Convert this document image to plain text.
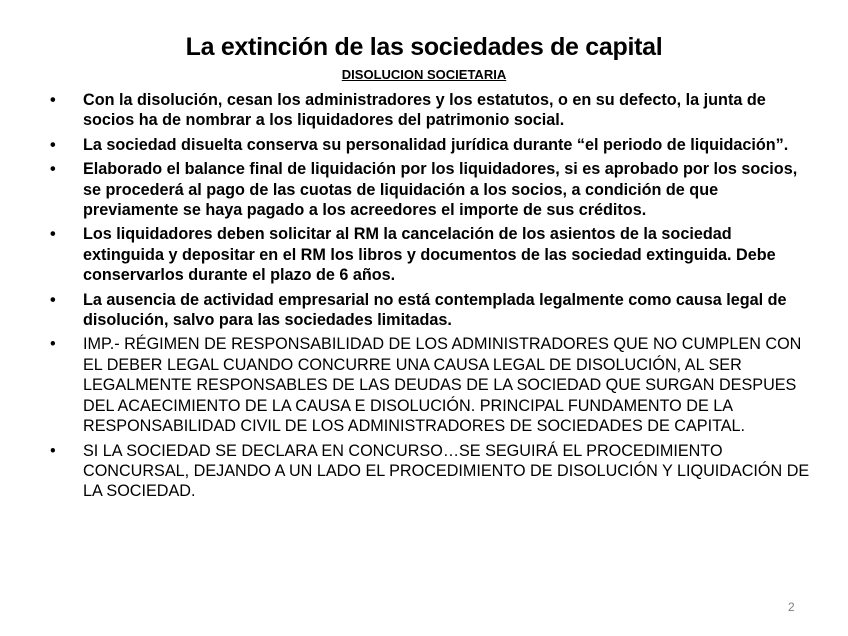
La extinción de las sociedades de capital
DISOLUCION SOCIETARIA
•	Con la disolución, cesan los administradores y los estatutos, o en su defecto, la junta de socios ha de nombrar a los liquidadores del patrimonio social.
•	La sociedad disuelta conserva su personalidad jurídica durante “el periodo de liquidación”.
•	Elaborado el balance final de liquidación por los liquidadores, si es aprobado por los socios, se procederá al pago de las cuotas de liquidación a los socios, a condición de que previamente se haya pagado a los acreedores el importe de sus créditos.
•	Los liquidadores deben solicitar al RM la cancelación de los asientos de la sociedad extinguida y depositar en el RM los libros y documentos de las sociedad extinguida. Debe conservarlos durante el plazo de 6 años.
•	La ausencia de actividad empresarial no está contemplada legalmente como causa legal de disolución, salvo para las sociedades limitadas.
•	IMP.- RÉGIMEN DE RESPONSABILIDAD DE LOS ADMINISTRADORES QUE NO CUMPLEN CON EL DEBER LEGAL CUANDO CONCURRE UNA CAUSA LEGAL DE DISOLUCIÓN, AL SER LEGALMENTE RESPONSABLES DE LAS DEUDAS DE LA SOCIEDAD QUE SURGAN DESPUES DEL ACAECIMIENTO DE LA CAUSA E DISOLUCIÓN. PRINCIPAL FUNDAMENTO DE LA RESPONSABILIDAD CIVIL DE LOS ADMINISTRADORES DE SOCIEDADES DE CAPITAL.
•	SI LA SOCIEDAD SE DECLARA EN CONCURSO…SE SEGUIRÁ EL PROCEDIMIENTO CONCURSAL, DEJANDO A UN LADO EL PROCEDIMIENTO DE DISOLUCIÓN Y LIQUIDACIÓN DE LA SOCIEDAD.
2
